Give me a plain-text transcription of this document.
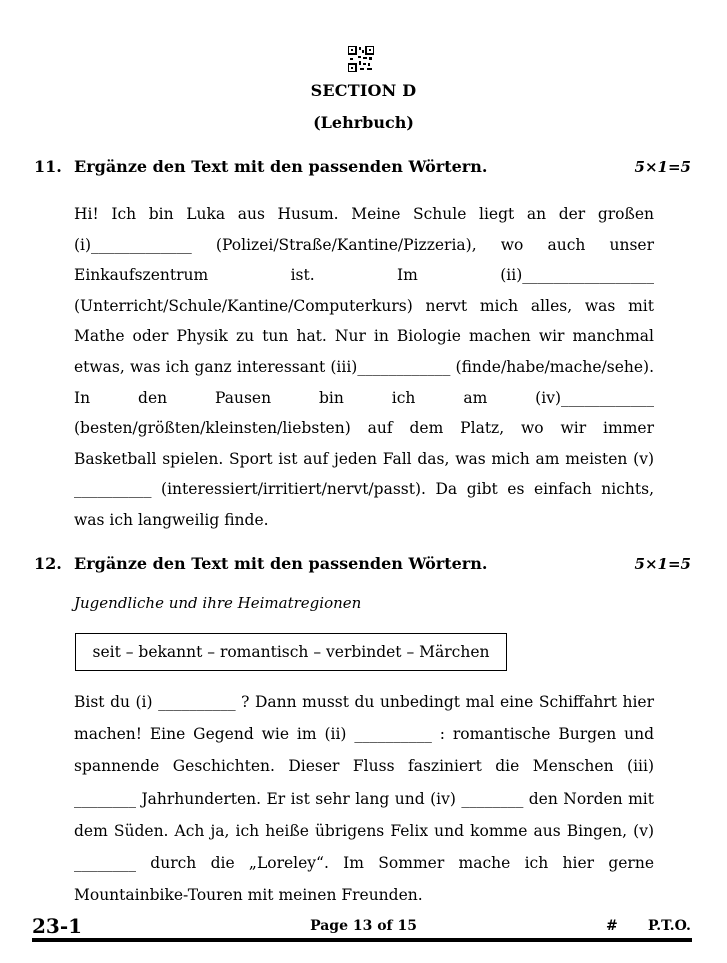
SECTION D
(Lehrbuch)
11. Ergänze den Text mit den passenden Wörtern.	5×1=5
Hi! Ich bin Luka aus Husum. Meine Schule liegt an der großen (i)_____________ (Polizei/Straße/Kantine/Pizzeria), wo auch unser Einkaufszentrum ist. Im (ii)_________________ (Unterricht/Schule/Kantine/Computerkurs) nervt mich alles, was mit Mathe oder Physik zu tun hat. Nur in Biologie machen wir manchmal etwas, was ich ganz interessant (iii)____________ (finde/habe/mache/sehe). In den Pausen bin ich am (iv)____________ (besten/größten/kleinsten/liebsten) auf dem Platz, wo wir immer Basketball spielen. Sport ist auf jeden Fall das, was mich am meisten (v) __________ (interessiert/irritiert/nervt/passt). Da gibt es einfach nichts, was ich langweilig finde.
12. Ergänze den Text mit den passenden Wörtern.	5×1=5
Jugendliche und ihre Heimatregionen
seit – bekannt – romantisch – verbindet – Märchen
Bist du (i) __________ ? Dann musst du unbedingt mal eine Schiffahrt hier machen! Eine Gegend wie im (ii) __________ : romantische Burgen und spannende Geschichten. Dieser Fluss fasziniert die Menschen (iii) ________ Jahrhunderten. Er ist sehr lang und (iv) ________ den Norden mit dem Süden. Ach ja, ich heiße übrigens Felix und komme aus Bingen, (v) ________ durch die „Loreley“. Im Sommer mache ich hier gerne Mountainbike-Touren mit meinen Freunden.
23-1	Page 13 of 15	# P.T.O.
